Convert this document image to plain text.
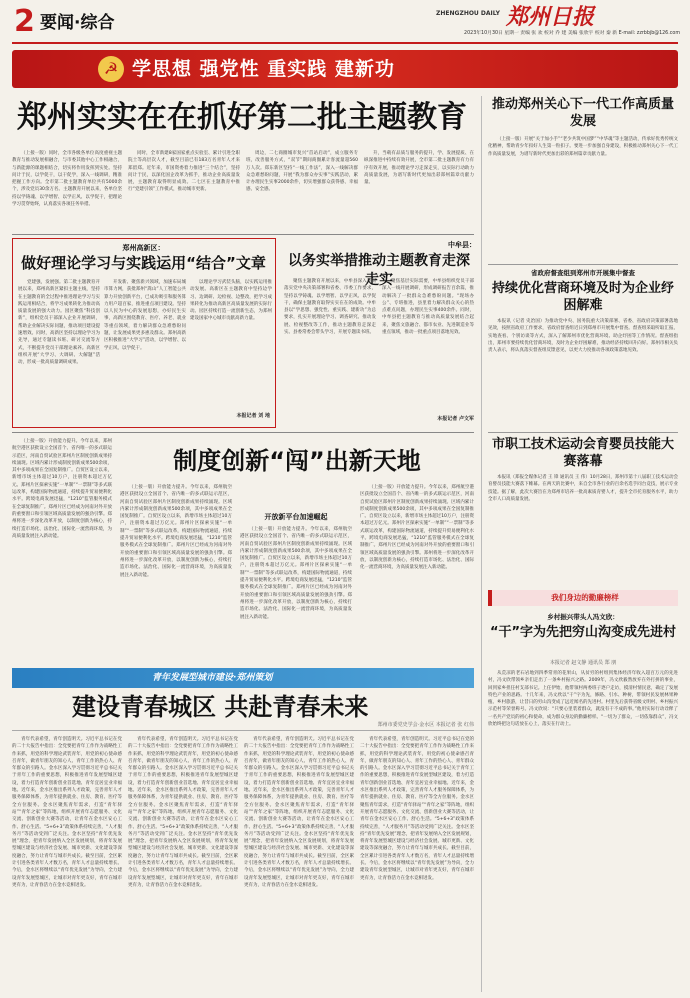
2 要闻·综合	ZHENGZHOU DAILY 郑州日报
2023年10月30日 星期一 责编 张 欢 校对 乔 建 美编 张欣宇 校对 秦 新 E-mail: zzrbbjb@126.com
☭ 学思想 强党性 重实践 建新功
郑州实实在在抓好第二批主题教育
（上接一版）同时，全市各级各单位高度重视主题教育与推动发展相融合，与市委其他中心工作相融合，与新能源的课题相结合，切实将作用发挥到实处。坚持问计于民，以学促干，以干促学，深入一线调研，精准把握工作方向。全市第二批主题教育单位共有5000余个，涉及党员30余万名。主题教育开展以来，各单位坚持以学铸魂、以学增智、以学正风、以学促干，把理论学习贯穿始终，认真落实各项任务举措。
同时，全市新建8家国家重点实验室、累计引进全职院士等高层次人才，截至目前已有183万名青年人才来郑留郑。近年来，市国资委着力推进“三个结合”，坚持问计于民，以深化国企改革为抓手，推动企业高质量发展，主题教育取得明显成效。二七区在主题教育中推行“党建引领”工作模式，推动城市更新。
周边，二七商圈城市复兴“首站启动”，成立服务专班，改善服务方式，“双节”期间商圈累计客流量超560万人次。郑东新区坚持“一线工作法”，深入一线解决群众急难愁盼问题，开展“我为群众办实事”实践活动，累计办理民生实事2000余件，切实增强群众获得感、幸福感、安全感。
升，当载有品质与服务的提升，学、发展提质、在纵深推进中持续有效开展，全市第二批主题教育有力有序有效开展，推动理论学习走深走实，以实际行动助力高质量发展，为谱写新时代更加出彩郑州篇章贡献力量。
郑州高新区：
做好理论学习与实践运用“结合”文章
党建强，发展强。第二批主题教育开展以来，郑州高新区紧扣主题主线，坚持在主题教育的全过程中推进理论学习与实践运用相结合，将学习成果转化为推动高质量发展的强大动力。园区聚焦“科技创新”，组织党员干部深入企业开展调研，帮助企业解决实际问题，推动项目建设提速增效。同时，高新区坚持以理论学习为先导，通过专题读书班、研讨交流等方式，不断提升党员干部理论素养。高新区组织开展“大学习、大调研、大解题”活动，形成一批高质量调研成果。
开发新、聚焦新兴领域，加速布局城市算力网，获批郑州“嵩山”人工智能公共算力开放创新平台，已成功吸引和服务算力用户超百家，推进重点项目建设。坚持以人民为中心的发展思想，办好民生实事，高新区围绕教育、医疗、养老、就业等重点领域，着力解决群众急难愁盼问题，让发展成果更多惠及群众。郑州高新区积极推进“大学习”活动，以学增智、以学正风、以学促干。
以理论学习武装头脑，以实践运用推动发展。高新区在主题教育中坚持边学习、边调研、边检视、边整改，把学习成果转化为推动高新区高质量发展的实际行动。园区持续打造一流创新生态，为郑州建设国家中心城市贡献高新力量。
本报记者 刘 地
中牟县：
以务实举措推动主题教育走深走实
聚焦主题教育开展以来，中牟县深入贯彻落实党中央决策部署和省委、市委工作要求，坚持以学铸魂、以学增智、以学正风、以学促干，确保主题教育取得实实在在的成效。中牟县以“学思想、强党性、重实践、建新功”为总要求，扎实开展理论学习、调查研究、推动发展、检视整改等工作，推动主题教育走深走实。县委常委会带头学习，开展专题读书班。
聚焦基层实际需要，中牟县组织党员干部深入一线开展调研，形成调研报告百余篇，推动解决了一批群众急难愁盼问题。“现场办公”、专班推进，县里着力解决群众关心的热点难点问题，办理民生实事400余件。同时，中牟县把主题教育与推动高质量发展结合起来，聚焦文旅融合、都市农业、先进制造业等重点领域，推动一批重点项目落地见效。
本报记者 卢文军
（上接一版）开放能力提升。今年以来，郑州航空港区获批设立全国首个、省内唯一的多式联运示范区，河南自贸试验区郑州片区制度创新成果持续涌现。区域内累计形成制度创新成果500余项，其中多项成果在全国复制推广。自贸区设立以来，新增市场主体超过10万户，注册资本超过万亿元。郑州片区探索实施“一单制”“一票制”等多式联运改革，构建国际物流通道，持续提升贸易便利化水平。跨境电商发展迅猛，“1210”监管服务模式在全球复制推广。郑州片区已经成为河南对外开放的重要窗口和引领区域高质量发展的强劲引擎。郑州将进一步深化改革开放，以制度创新为核心，持续打造市场化、法治化、国际化一流营商环境，为高质量发展注入新动能。
制度创新“闯”出新天地
（上接一版）开放能力提升。今年以来，郑州航空港区获批设立全国首个、省内唯一的多式联运示范区，河南自贸试验区郑州片区制度创新成果持续涌现。区域内累计形成制度创新成果500余项，其中多项成果在全国复制推广。自贸区设立以来，新增市场主体超过10万户，注册资本超过万亿元。郑州片区探索实施“一单制”“一票制”等多式联运改革，构建国际物流通道，持续提升贸易便利化水平。跨境电商发展迅猛，“1210”监管服务模式在全球复制推广。郑州片区已经成为河南对外开放的重要窗口和引领区域高质量发展的强劲引擎。郑州将进一步深化改革开放，以制度创新为核心，持续打造市场化、法治化、国际化一流营商环境，为高质量发展注入新动能。
开放新平台加速崛起
（上接一版）开放能力提升。今年以来，郑州航空港区获批设立全国首个、省内唯一的多式联运示范区，河南自贸试验区郑州片区制度创新成果持续涌现。区域内累计形成制度创新成果500余项，其中多项成果在全国复制推广。自贸区设立以来，新增市场主体超过10万户，注册资本超过万亿元。郑州片区探索实施“一单制”“一票制”等多式联运改革，构建国际物流通道，持续提升贸易便利化水平。跨境电商发展迅猛，“1210”监管服务模式在全球复制推广。郑州片区已经成为河南对外开放的重要窗口和引领区域高质量发展的强劲引擎。郑州将进一步深化改革开放，以制度创新为核心，持续打造市场化、法治化、国际化一流营商环境，为高质量发展注入新动能。
（上接一版）开放能力提升。今年以来，郑州航空港区获批设立全国首个、省内唯一的多式联运示范区，河南自贸试验区郑州片区制度创新成果持续涌现。区域内累计形成制度创新成果500余项，其中多项成果在全国复制推广。自贸区设立以来，新增市场主体超过10万户，注册资本超过万亿元。郑州片区探索实施“一单制”“一票制”等多式联运改革，构建国际物流通道，持续提升贸易便利化水平。跨境电商发展迅猛，“1210”监管服务模式在全球复制推广。郑州片区已经成为河南对外开放的重要窗口和引领区域高质量发展的强劲引擎。郑州将进一步深化改革开放，以制度创新为核心，持续打造市场化、法治化、国际化一流营商环境，为高质量发展注入新动能。
青年发展型城市建设·郑州策划
建设青春城区 共赴青春未来
郑州市委党史学会·金水区 本报记者 张 红伟
青年代表希望，青年创造明天。习近平总书记在党的二十大报告中指出：全党要把青年工作作为战略性工作来抓，用党的科学理论武装青年，用党的初心使命感召青年，做青年朋友的知心人、青年工作的热心人、青年群众的引路人。金水区深入学习贯彻习近平总书记关于青年工作的重要思想，积极推进青年发展型城区建设，着力打造青年创新创业首选地、青年宜居宜业幸福地。近年来，金水区推出系列人才政策，完善青年人才服务保障体系，为青年提供就业、住房、教育、医疗等全方位服务。金水区聚焦青年需求，打造“青年驿站”“青年之家”等阵地，组织开展青年志愿服务、文化交流、创新创业大赛等活动，让青年在金水区安心工作、舒心生活。“5+6+3”政策体系持续完善，“人才服务月”等活动受到广泛关注。金水区坚持“青年优先发展”理念，把青年发展纳入全区发展规划，将青年发展型城区建设与经济社会发展、城市更新、文化建设等深度融合，努力让青年与城市共成长。截至目前，全区累计引进各类青年人才数万名，青年人才总量持续增长。今后，金水区将继续以“青年优先发展”为导向，全力建设青年发展型城区，让城市对青年更友好，青年在城市更有为，让青春活力在金水竞相迸发。
青年代表希望，青年创造明天。习近平总书记在党的二十大报告中指出：全党要把青年工作作为战略性工作来抓，用党的科学理论武装青年，用党的初心使命感召青年，做青年朋友的知心人、青年工作的热心人、青年群众的引路人。金水区深入学习贯彻习近平总书记关于青年工作的重要思想，积极推进青年发展型城区建设，着力打造青年创新创业首选地、青年宜居宜业幸福地。近年来，金水区推出系列人才政策，完善青年人才服务保障体系，为青年提供就业、住房、教育、医疗等全方位服务。金水区聚焦青年需求，打造“青年驿站”“青年之家”等阵地，组织开展青年志愿服务、文化交流、创新创业大赛等活动，让青年在金水区安心工作、舒心生活。“5+6+3”政策体系持续完善，“人才服务月”等活动受到广泛关注。金水区坚持“青年优先发展”理念，把青年发展纳入全区发展规划，将青年发展型城区建设与经济社会发展、城市更新、文化建设等深度融合，努力让青年与城市共成长。截至目前，全区累计引进各类青年人才数万名，青年人才总量持续增长。今后，金水区将继续以“青年优先发展”为导向，全力建设青年发展型城区，让城市对青年更友好，青年在城市更有为，让青春活力在金水竞相迸发。
青年代表希望，青年创造明天。习近平总书记在党的二十大报告中指出：全党要把青年工作作为战略性工作来抓，用党的科学理论武装青年，用党的初心使命感召青年，做青年朋友的知心人、青年工作的热心人、青年群众的引路人。金水区深入学习贯彻习近平总书记关于青年工作的重要思想，积极推进青年发展型城区建设，着力打造青年创新创业首选地、青年宜居宜业幸福地。近年来，金水区推出系列人才政策，完善青年人才服务保障体系，为青年提供就业、住房、教育、医疗等全方位服务。金水区聚焦青年需求，打造“青年驿站”“青年之家”等阵地，组织开展青年志愿服务、文化交流、创新创业大赛等活动，让青年在金水区安心工作、舒心生活。“5+6+3”政策体系持续完善，“人才服务月”等活动受到广泛关注。金水区坚持“青年优先发展”理念，把青年发展纳入全区发展规划，将青年发展型城区建设与经济社会发展、城市更新、文化建设等深度融合，努力让青年与城市共成长。截至目前，全区累计引进各类青年人才数万名，青年人才总量持续增长。今后，金水区将继续以“青年优先发展”为导向，全力建设青年发展型城区，让城市对青年更友好，青年在城市更有为，让青春活力在金水竞相迸发。
青年代表希望，青年创造明天。习近平总书记在党的二十大报告中指出：全党要把青年工作作为战略性工作来抓，用党的科学理论武装青年，用党的初心使命感召青年，做青年朋友的知心人、青年工作的热心人、青年群众的引路人。金水区深入学习贯彻习近平总书记关于青年工作的重要思想，积极推进青年发展型城区建设，着力打造青年创新创业首选地、青年宜居宜业幸福地。近年来，金水区推出系列人才政策，完善青年人才服务保障体系，为青年提供就业、住房、教育、医疗等全方位服务。金水区聚焦青年需求，打造“青年驿站”“青年之家”等阵地，组织开展青年志愿服务、文化交流、创新创业大赛等活动，让青年在金水区安心工作、舒心生活。“5+6+3”政策体系持续完善，“人才服务月”等活动受到广泛关注。金水区坚持“青年优先发展”理念，把青年发展纳入全区发展规划，将青年发展型城区建设与经济社会发展、城市更新、文化建设等深度融合，努力让青年与城市共成长。截至目前，全区累计引进各类青年人才数万名，青年人才总量持续增长。今后，金水区将继续以“青年优先发展”为导向，全力建设青年发展型城区，让城市对青年更友好，青年在城市更有为，让青春活力在金水竞相迸发。
推动郑州关心下一代工作高质量发展
（上接一版）开展“关于加小手”“老少共筑中国梦”“中华魂”等主题活动，传承好优秀传统文化精神，帮助青少年扣好人生第一粒扣子。要进一步加强自身建设，积极推动郑州关心下一代工作高质量发展，为谱写新时代更加出彩的郑州篇章贡献力量。
省政府督查组到郑州市开展集中督查
持续优化营商环境及时为企业纾困解难
本报讯（记者 史治国）为推动党中央、国务院重大决策部署、省委、省政府决策部署落地见效，按照省政府工作要求，省政府督查组近日到郑州市开展集中督查。督查组采取听取汇报、实地查看、个别访谈等方式，深入了解郑州市优化营商环境、助企纾困等工作情况。督查组指出，郑州市要持续优化营商环境，及时为企业纾困解难，推动经济持续回升向好。郑州市相关负责人表示，将认真落实督查组反馈意见，以更大力度推动各项政策落地见效。
市职工技术运动会育婴员技能大赛落幕
本报讯（郑报全媒体记者 王 锋 通讯员 王 伟）10月28日，郑州市第十八届职工技术运动会育婴员技能大赛落下帷幕。在两天的比赛中，来自全市各行业的百余名选手同台竞技，展示专业技能。据了解，此次大赛旨在为郑州市培养一批高素质育婴人才，提升全市托育服务水平，助力全市人口高质量发展。
我们身边的勤廉榜样
乡村振兴带头人冯文欣：
“干”字为先把穷山沟变成先进村
本报记者 赵文静 通讯员 郑 朋
从荒凉的老石岩地到四季常青的花果山，从贫穷的村组到集体经济年收入超百万元的先进村，冯文欣带领乡亲们走出了一条乡村振兴之路。2009年，冯文欣毅然放弃在外打拼的事业，回到家乡担任村支部书记。上任伊始，他带领村两委班子逐户走访，摸清村情民意，确定了发展特色产业的思路。十几年来，冯文欣以“干”字为先，修路、引水、种树，带领村民发展林果种植、乡村旅游，让昔日的穷山沟变成了远近闻名的先进村。村里先后获得省级文明村、乡村振兴示范村等荣誉称号。冯文欣说：“只要心里装着群众，就没有干不成的事。”他用实际行动诠释了一名共产党员的初心和使命，成为群众身边的勤廉榜样。“一切为了群众，一切依靠群众”，冯文欣始终把这句话放在心上，落实在行动上。
